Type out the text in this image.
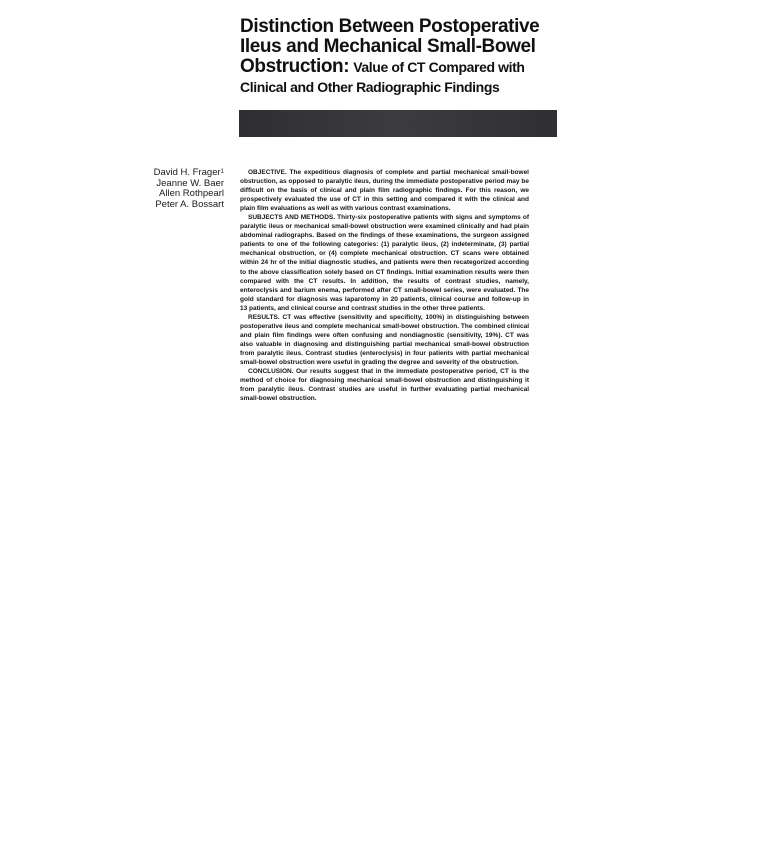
Distinction Between Postoperative Ileus and Mechanical Small-Bowel Obstruction: Value of CT Compared with Clinical and Other Radiographic Findings
David H. Frager$^1$
Jeanne W. Baer
Allen Rothpearl
Peter A. Bossart

OBJECTIVE. The expeditious diagnosis of complete and partial mechanical small-bowel obstruction, as opposed to paralytic ileus, during the immediate postoperative period may be difficult on the basis of clinical and plain film radiographic findings. For this reason, we prospectively evaluated the use of CT in this setting and compared it with the clinical and plain film evaluations as well as with various contrast examinations.

SUBJECTS AND METHODS. Thirty-six postoperative patients with signs and symptoms of paralytic ileus or mechanical small-bowel obstruction were examined clinically and had plain abdominal radiographs. Based on the findings of these examinations, the surgeon assigned patients to one of the following categories: (1) paralytic ileus, (2) indeterminate, (3) partial mechanical obstruction, or (4) complete mechanical obstruction. CT scans were obtained within 24 hr of the initial diagnostic studies, and patients were then recategorized according to the above classification solely based on CT findings. Initial examination results were then compared with the CT results. In addition, the results of contrast studies, namely, enteroclysis and barium enema, performed after CT small-bowel series, were evaluated. The gold standard for diagnosis was laparotomy in 20 patients, clinical course and follow-up in 13 patients, and clinical course and contrast studies in the other three patients.

RESULTS. CT was effective (sensitivity and specificity, 100%) in distinguishing between postoperative ileus and complete mechanical small-bowel obstruction. The combined clinical and plain film findings were often confusing and nondiagnostic (sensitivity, 19%). CT was also valuable in diagnosing and distinguishing partial mechanical small-bowel obstruction from paralytic ileus. Contrast studies (enteroclysis) in four patients with partial mechanical small-bowel obstruction were useful in grading the degree and severity of the obstruction.

CONCLUSION. Our results suggest that in the immediate postoperative period, CT is the method of choice for diagnosing mechanical small-bowel obstruction and distinguishing it from paralytic ileus. Contrast studies are useful in further evaluating partial mechanical small-bowel obstruction.
